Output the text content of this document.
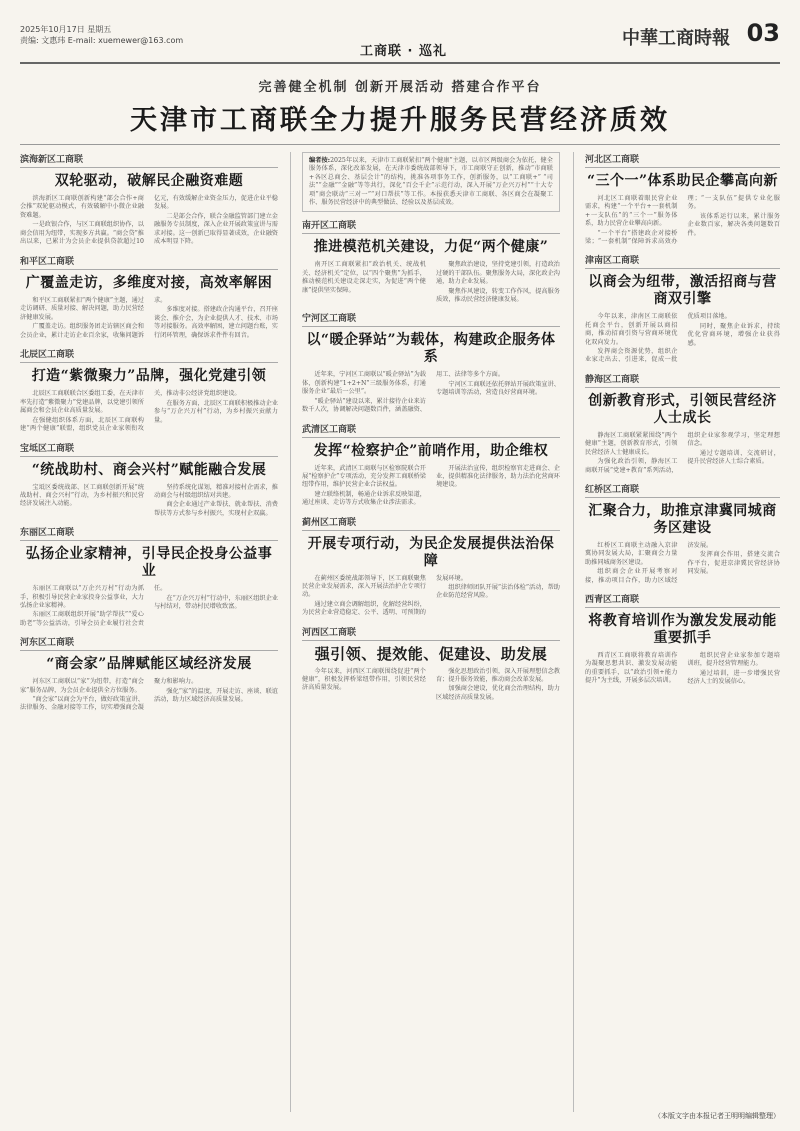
2025年10月17日 星期五
责编: 文惠玮 E-mail: xuemewer@163.com
工商联 · 巡礼
中華工商時報 03
完善健全机制 创新开展活动 搭建合作平台
天津市工商联全力提升服务民营经济质效
滨海新区工商联
双轮驱动，破解民企融资难题

滨海新区工商联创新构建“部会合作+商会推”双轮驱动模式，有效破解中小微企业融资难题。

一是政银合作，与区工商联组织协作，以商会信用为纽带，实现多方共赢。“商会贷”推出以来，已累计为会员企业提供贷款超过10亿元，有效缓解企业资金压力，促进企业平稳发展。

二是部会合作，联合金融监管部门建立金融服务专员制度，深入企业开展政策宣讲与需求对接。这一创新已取得显著成效，企业融资成本明显下降。

和平区工商联
广覆盖走访，多维度对接，高效率解困

和平区工商联紧扣“两个健康”主题，通过走访调研、质量对接、解决问题，助力民营经济健康发展。

广覆盖走访。组织服务团走访辖区商会和会员企业，累计走访企业百余家，收集问题诉求。

多维度对接。搭建政企沟通平台，召开座谈会、推介会，为企业提供人才、技术、市场等对接服务。高效率解困，建立问题台账，实行闭环管理，确保诉求件件有回音。

北辰区工商联
打造“紫微聚力”品牌，强化党建引领

北辰区工商联联合区委组工委，在天津市率先打造“紫微聚力”党建品牌，以党建引领所属商会和会员企业高质量发展。

在强健组织体系方面，北辰区工商联构建“两个健康”联盟，组织党员企业家领衔攻关，推动非公经济党组织建设。

在服务方面，北辰区工商联积极推动企业参与“万企兴万村”行动，为乡村振兴贡献力量。

宝坻区工商联
“统战助村、商会兴村”赋能融合发展

宝坻区委统战部、区工商联创新开展“统战助村、商会兴村”行动，为乡村振兴和民营经济发展注入动能。

坚持系统化谋划，精准对接村企需求，推动商会与村级组织结对共建。

商会企业通过产业帮扶、就业帮扶、消费帮扶等方式参与乡村振兴，实现村企双赢。

东丽区工商联
弘扬企业家精神，引导民企投身公益事业

东丽区工商联以“万企兴万村”行动为抓手，积极引导民营企业家投身公益事业，大力弘扬企业家精神。

东丽区工商联组织开展“助学帮扶”“爱心助老”等公益活动，引导会员企业履行社会责任。

在“万企兴万村”行动中，东丽区组织企业与村结对，带动村民增收致富。

河东区工商联
“商会家”品牌赋能区域经济发展

河东区工商联以“家”为纽带，打造“商会家”服务品牌，为会员企业提供全方位服务。

“商会家”以商会为平台，做好政策宣讲、法律服务、金融对接等工作，切实增强商会凝聚力和影响力。

强化“家”的温度，开展走访、座谈、联谊活动，助力区域经济高质量发展。

编者按:2025年以来，天津市工商联紧扣“两个健康”主题，以市区两级商会为依托，健全服务体系，深化改革发展，在天津市委统战部领导下，市工商联守正创新，推动“市商联+各区总商会、基层会计”的结构，挑准各项事务工作，创新服务，以“工商联+” “司法”“金融”“金融”等等共行，深化“百会千企”示范行动，深入开展“万企兴万村”“十大专项”商会联动“三对一”“对口帮扶”等工作。本报获悉天津市工商联、各区商会在凝聚工作、服务民营经济中的典型做法、经验以及基层成效。
南开区工商联
推进模范机关建设，力促“两个健康”

南开区工商联紧扣“政治机关、统战机关、经济机关”定位，以“四个聚焦”为抓手，推动模范机关建设走深走实，为促进“两个健康”提供坚实保障。

聚焦政治建设，坚持党建引领，打造政治过硬的干部队伍。聚焦服务大局，深化政企沟通，助力企业发展。

聚焦作风建设，转变工作作风，提高服务质效，推动民营经济健康发展。

宁河区工商联
以“暖企驿站”为载体，构建政企服务体系

近年来，宁河区工商联以“暖企驿站”为载体，创新构建“1+2+N”三级服务体系，打通服务企业“最后一公里”。

“暖企驿站”建设以来，累计接待企业来访数千人次，协调解决问题数百件，涵盖融资、用工、法律等多个方面。

宁河区工商联还依托驿站开展政策宣讲、专题培训等活动，营造良好营商环境。

武清区工商联
发挥“检察护企”前哨作用，助企维权

近年来，武清区工商联与区检察院联合开展“检察护企”专项活动，充分发挥工商联桥梁纽带作用，维护民营企业合法权益。

建立联络机制，畅通企业诉求反映渠道，通过座谈、走访等方式收集企业涉法需求。

开展法治宣传，组织检察官走进商会、企业，提供精准化法律服务，助力法治化营商环境建设。

蓟州区工商联
开展专项行动，为民企发展提供法治保障

在蓟州区委统战部领导下，区工商联聚焦民营企业发展需求，深入开展法治护企专项行动。

通过建立商会调解组织，化解经营纠纷，为民营企业营造稳定、公平、透明、可预期的发展环境。

组织律师团队开展“法治体检”活动，帮助企业防范经营风险。

河西区工商联
强引领、提效能、促建设、助发展

今年以来，河西区工商联围绕促进“两个健康”，积极发挥桥梁纽带作用，引领民营经济高质量发展。

强化思想政治引领，深入开展理想信念教育；提升服务效能，推动商会改革发展。

加强商会建设，优化商会治理结构，助力区域经济高质量发展。

河北区工商联
“三个一”体系助民企攀高向新

河北区工商联着眼民营企业需求，构建“一个平台+一套机制+一支队伍”的“三个一”服务体系，助力民营企业攀高向新。

“一个平台”搭建政企对接桥梁；“一套机制”保障诉求高效办理；“一支队伍”提供专业化服务。

该体系运行以来，累计服务企业数百家，解决各类问题数百件。

津南区工商联
以商会为纽带，激活招商与营商双引擎

今年以来，津南区工商联依托商会平台，创新开展以商招商，推动招商引资与营商环境优化双向发力。

发挥商会资源优势，组织企业家走出去、引进来，促成一批优质项目落地。

同时，聚焦企业诉求，持续优化营商环境，增强企业获得感。

静海区工商联
创新教育形式，引领民营经济人士成长

静海区工商联紧紧围绕“两个健康”主题，创新教育形式，引领民营经济人士健康成长。

为强化政治引领，静海区工商联开展“党建+教育”系列活动，组织企业家参观学习，坚定理想信念。

通过专题培训、交流研讨，提升民营经济人士综合素质。

红桥区工商联
汇聚合力，助推京津冀同城商务区建设

红桥区工商联主动融入京津冀协同发展大局，汇聚商会力量助推同城商务区建设。

组织商会企业开展考察对接，推动项目合作，助力区域经济发展。

发挥商会作用，搭建交流合作平台，促进京津冀民营经济协同发展。

西青区工商联
将教育培训作为激发发展动能重要抓手

西青区工商联将教育培训作为凝聚思想共识、激发发展动能的重要抓手，以“政治引领+能力提升”为主线，开展多层次培训。

组织民营企业家参加专题培训班，提升经营管理能力。

通过培训，进一步增强民营经济人士的发展信心。

（本版文字由本报记者王明明编辑整理）
